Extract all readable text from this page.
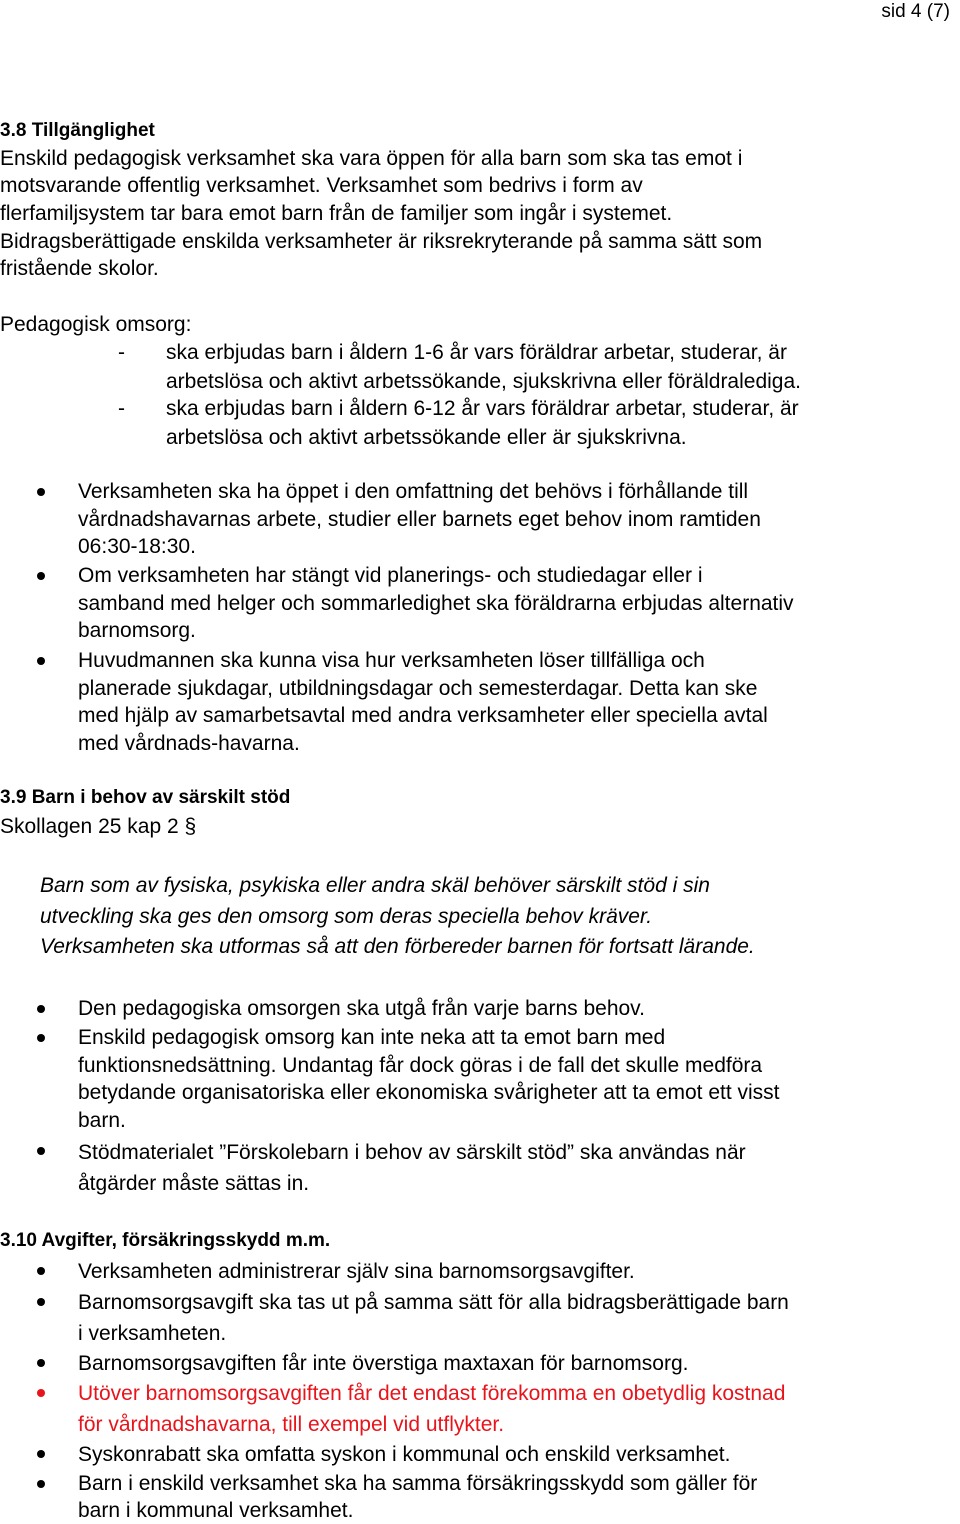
sid 4 (7)
3.8 Tillgänglighet
Enskild pedagogisk verksamhet ska vara öppen för alla barn som ska tas emot i
motsvarande offentlig verksamhet. Verksamhet som bedrivs i form av
flerfamiljsystem tar bara emot barn från de familjer som ingår i systemet.
Bidragsberättigade enskilda verksamheter är riksrekryterande på samma sätt som
fristående skolor.
Pedagogisk omsorg:
- ska erbjudas barn i åldern 1-6 år vars föräldrar arbetar, studerar, är
arbetslösa och aktivt arbetssökande, sjukskrivna eller föräldralediga.
- ska erbjudas barn i åldern 6-12 år vars föräldrar arbetar, studerar, är
arbetslösa och aktivt arbetssökande eller är sjukskrivna.
Verksamheten ska ha öppet i den omfattning det behövs i förhållande till
vårdnadshavarnas arbete, studier eller barnets eget behov inom ramtiden
06:30-18:30.
Om verksamheten har stängt vid planerings- och studiedagar eller i
samband med helger och sommarledighet ska föräldrarna erbjudas alternativ
barnomsorg.
Huvudmannen ska kunna visa hur verksamheten löser tillfälliga och
planerade sjukdagar, utbildningsdagar och semesterdagar. Detta kan ske
med hjälp av samarbetsavtal med andra verksamheter eller speciella avtal
med vårdnads-havarna.
3.9 Barn i behov av särskilt stöd
Skollagen 25 kap 2 §
Barn som av fysiska, psykiska eller andra skäl behöver särskilt stöd i sin
utveckling ska ges den omsorg som deras speciella behov kräver.
Verksamheten ska utformas så att den förbereder barnen för fortsatt lärande.
Den pedagogiska omsorgen ska utgå från varje barns behov.
Enskild pedagogisk omsorg kan inte neka att ta emot barn med
funktionsnedsättning. Undantag får dock göras i de fall det skulle medföra
betydande organisatoriska eller ekonomiska svårigheter att ta emot ett visst
barn.
Stödmaterialet ”Förskolebarn i behov av särskilt stöd” ska användas när
åtgärder måste sättas in.
3.10 Avgifter, försäkringsskydd m.m.
Verksamheten administrerar själv sina barnomsorgsavgifter.
Barnomsorgsavgift ska tas ut på samma sätt för alla bidragsberättigade barn
i verksamheten.
Barnomsorgsavgiften får inte överstiga maxtaxan för barnomsorg.
Utöver barnomsorgsavgiften får det endast förekomma en obetydlig kostnad
för vårdnadshavarna, till exempel vid utflykter.
Syskonrabatt ska omfatta syskon i kommunal och enskild verksamhet.
Barn i enskild verksamhet ska ha samma försäkringsskydd som gäller för
barn i kommunal verksamhet.
